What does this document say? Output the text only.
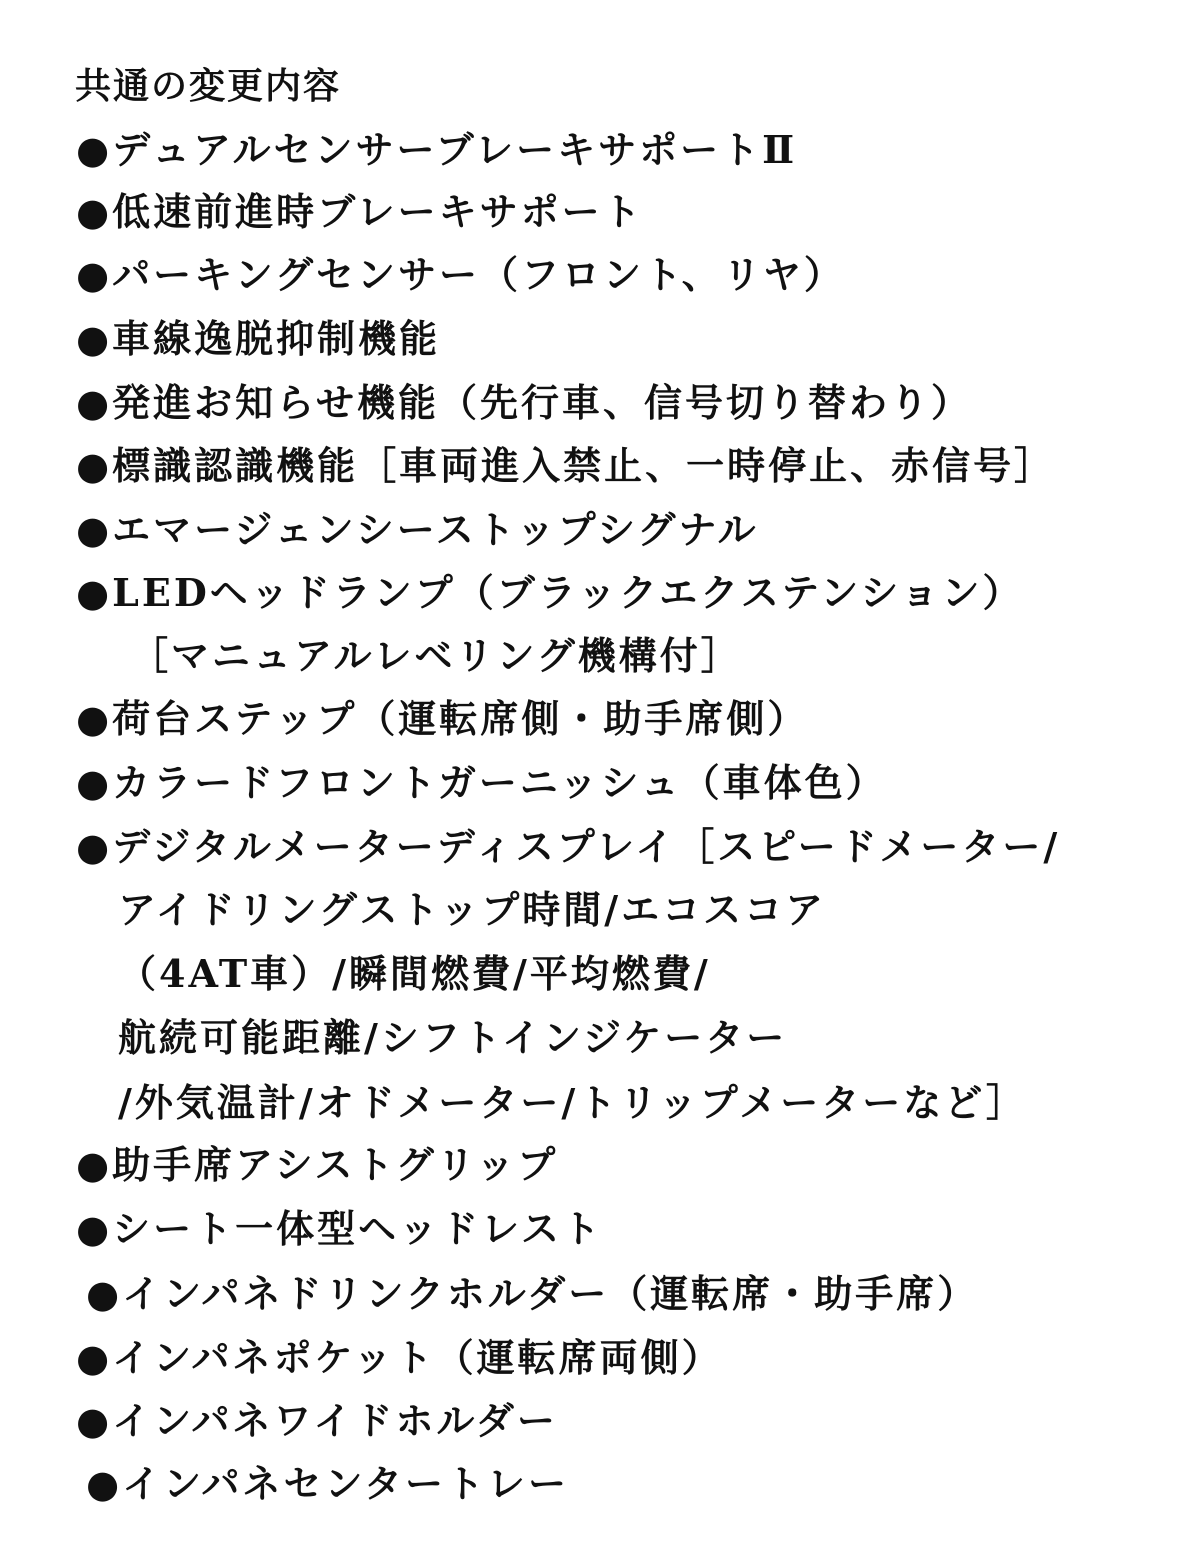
共通の変更内容
●デュアルセンサーブレーキサポートⅡ
●低速前進時ブレーキサポート
●パーキングセンサー（フロント、リヤ）
●車線逸脱抑制機能
●発進お知らせ機能（先行車、信号切り替わり）
●標識認識機能［車両進入禁止、一時停止、赤信号］
●エマージェンシーストップシグナル
●LEDヘッドランプ（ブラックエクステンション）
［マニュアルレベリング機構付］
●荷台ステップ（運転席側・助手席側）
●カラードフロントガーニッシュ（車体色）
●デジタルメーターディスプレイ［スピードメーター/
アイドリングストップ時間/エコスコア
（4AT車）/瞬間燃費/平均燃費/
航続可能距離/シフトインジケーター
/外気温計/オドメーター/トリップメーターなど］
●助手席アシストグリップ
●シート一体型ヘッドレスト
●インパネドリンクホルダー（運転席・助手席）
●インパネポケット（運転席両側）
●インパネワイドホルダー
●インパネセンタートレー
